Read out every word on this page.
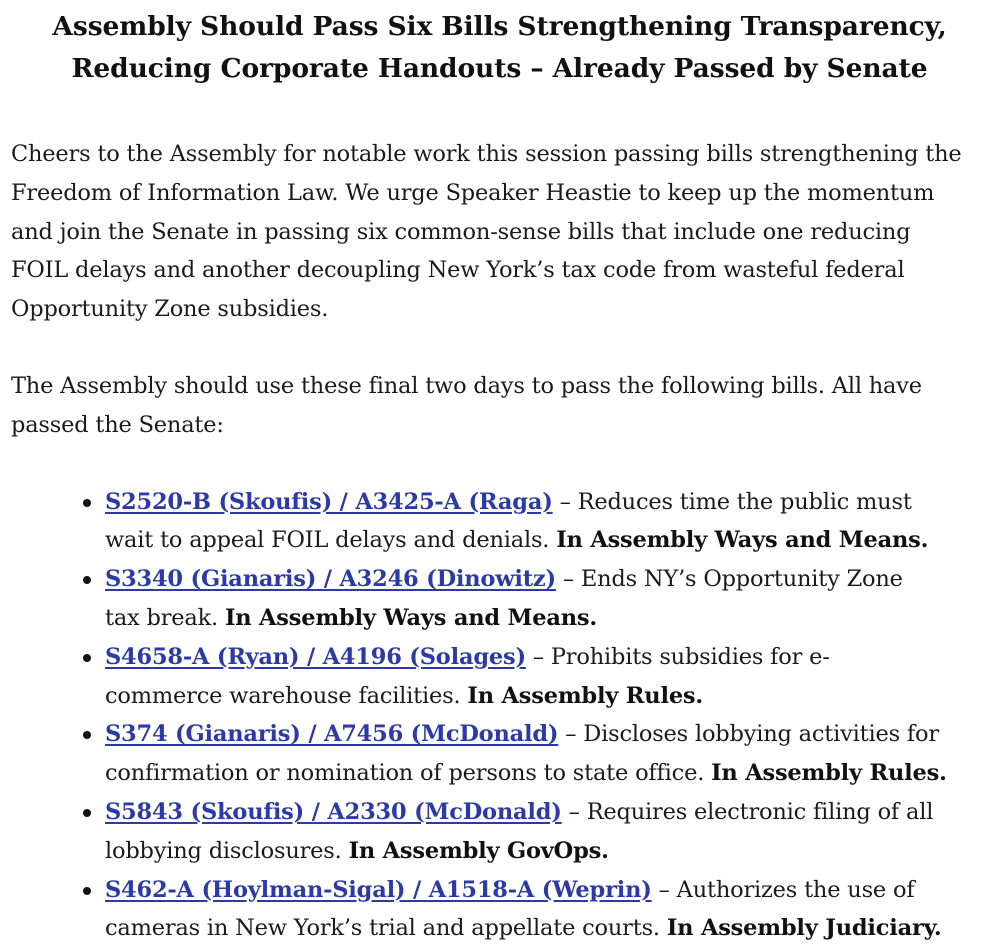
Assembly Should Pass Six Bills Strengthening Transparency,
Reducing Corporate Handouts – Already Passed by Senate

Cheers to the Assembly for notable work this session passing bills strengthening the
Freedom of Information Law. We urge Speaker Heastie to keep up the momentum
and join the Senate in passing six common-sense bills that include one reducing
FOIL delays and another decoupling New York’s tax code from wasteful federal
Opportunity Zone subsidies.

The Assembly should use these final two days to pass the following bills. All have
passed the Senate:

S2520-B (Skoufis) / A3425-A (Raga) – Reduces time the public must
wait to appeal FOIL delays and denials. In Assembly Ways and Means.
S3340 (Gianaris) / A3246 (Dinowitz) – Ends NY’s Opportunity Zone
tax break. In Assembly Ways and Means.
S4658-A (Ryan) / A4196 (Solages) – Prohibits subsidies for e-
commerce warehouse facilities. In Assembly Rules.
S374 (Gianaris) / A7456 (McDonald) – Discloses lobbying activities for
confirmation or nomination of persons to state office. In Assembly Rules.
S5843 (Skoufis) / A2330 (McDonald) – Requires electronic filing of all
lobbying disclosures. In Assembly GovOps.
S462-A (Hoylman-Sigal) / A1518-A (Weprin) – Authorizes the use of
cameras in New York’s trial and appellate courts. In Assembly Judiciary.
